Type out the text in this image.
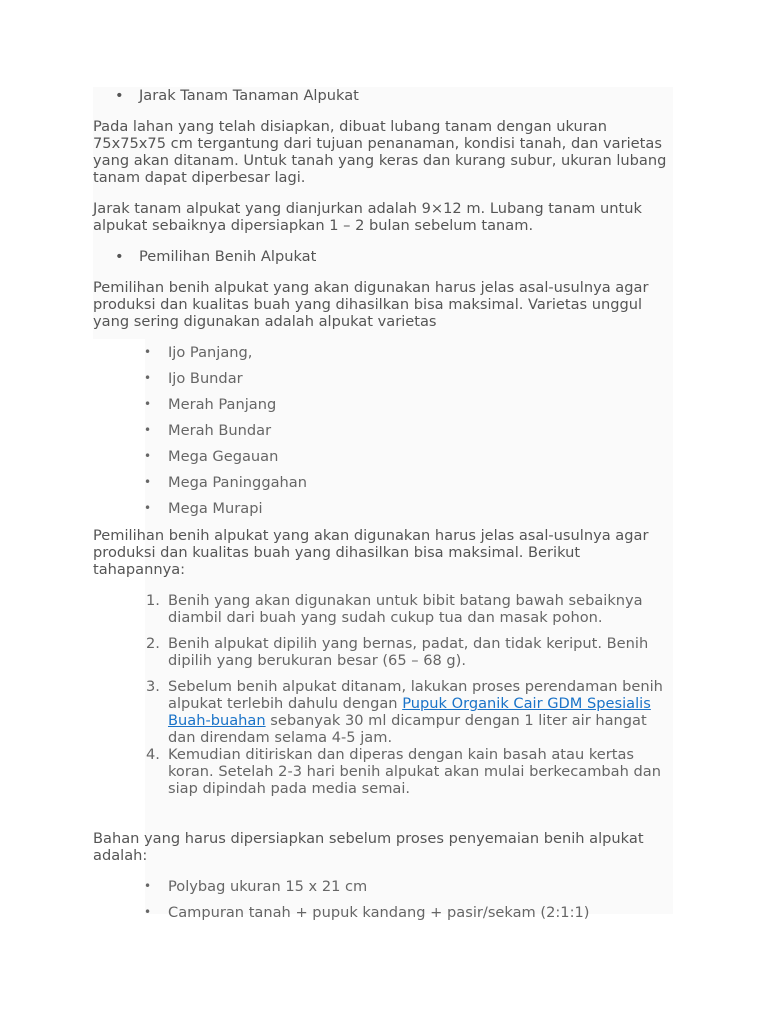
• Jarak Tanam Tanaman Alpukat

Pada lahan yang telah disiapkan, dibuat lubang tanam dengan ukuran 75x75x75 cm tergantung dari tujuan penanaman, kondisi tanah, dan varietas yang akan ditanam. Untuk tanah yang keras dan kurang subur, ukuran lubang tanam dapat diperbesar lagi.

Jarak tanam alpukat yang dianjurkan adalah 9×12 m. Lubang tanam untuk alpukat sebaiknya dipersiapkan 1 – 2 bulan sebelum tanam.

• Pemilihan Benih Alpukat

Pemilihan benih alpukat yang akan digunakan harus jelas asal-usulnya agar produksi dan kualitas buah yang dihasilkan bisa maksimal. Varietas unggul yang sering digunakan adalah alpukat varietas

• Ijo Panjang,
• Ijo Bundar
• Merah Panjang
• Merah Bundar
• Mega Gegauan
• Mega Paninggahan
• Mega Murapi

Pemilihan benih alpukat yang akan digunakan harus jelas asal-usulnya agar produksi dan kualitas buah yang dihasilkan bisa maksimal. Berikut tahapannya:

1. Benih yang akan digunakan untuk bibit batang bawah sebaiknya diambil dari buah yang sudah cukup tua dan masak pohon.
2. Benih alpukat dipilih yang bernas, padat, dan tidak keriput. Benih dipilih yang berukuran besar (65 – 68 g).
3. Sebelum benih alpukat ditanam, lakukan proses perendaman benih alpukat terlebih dahulu dengan Pupuk Organik Cair GDM Spesialis Buah-buahan sebanyak 30 ml dicampur dengan 1 liter air hangat dan direndam selama 4-5 jam.
4. Kemudian ditiriskan dan diperas dengan kain basah atau kertas koran. Setelah 2-3 hari benih alpukat akan mulai berkecambah dan siap dipindah pada media semai.

Bahan yang harus dipersiapkan sebelum proses penyemaian benih alpukat adalah:

• Polybag ukuran 15 x 21 cm
• Campuran tanah + pupuk kandang + pasir/sekam (2:1:1)
